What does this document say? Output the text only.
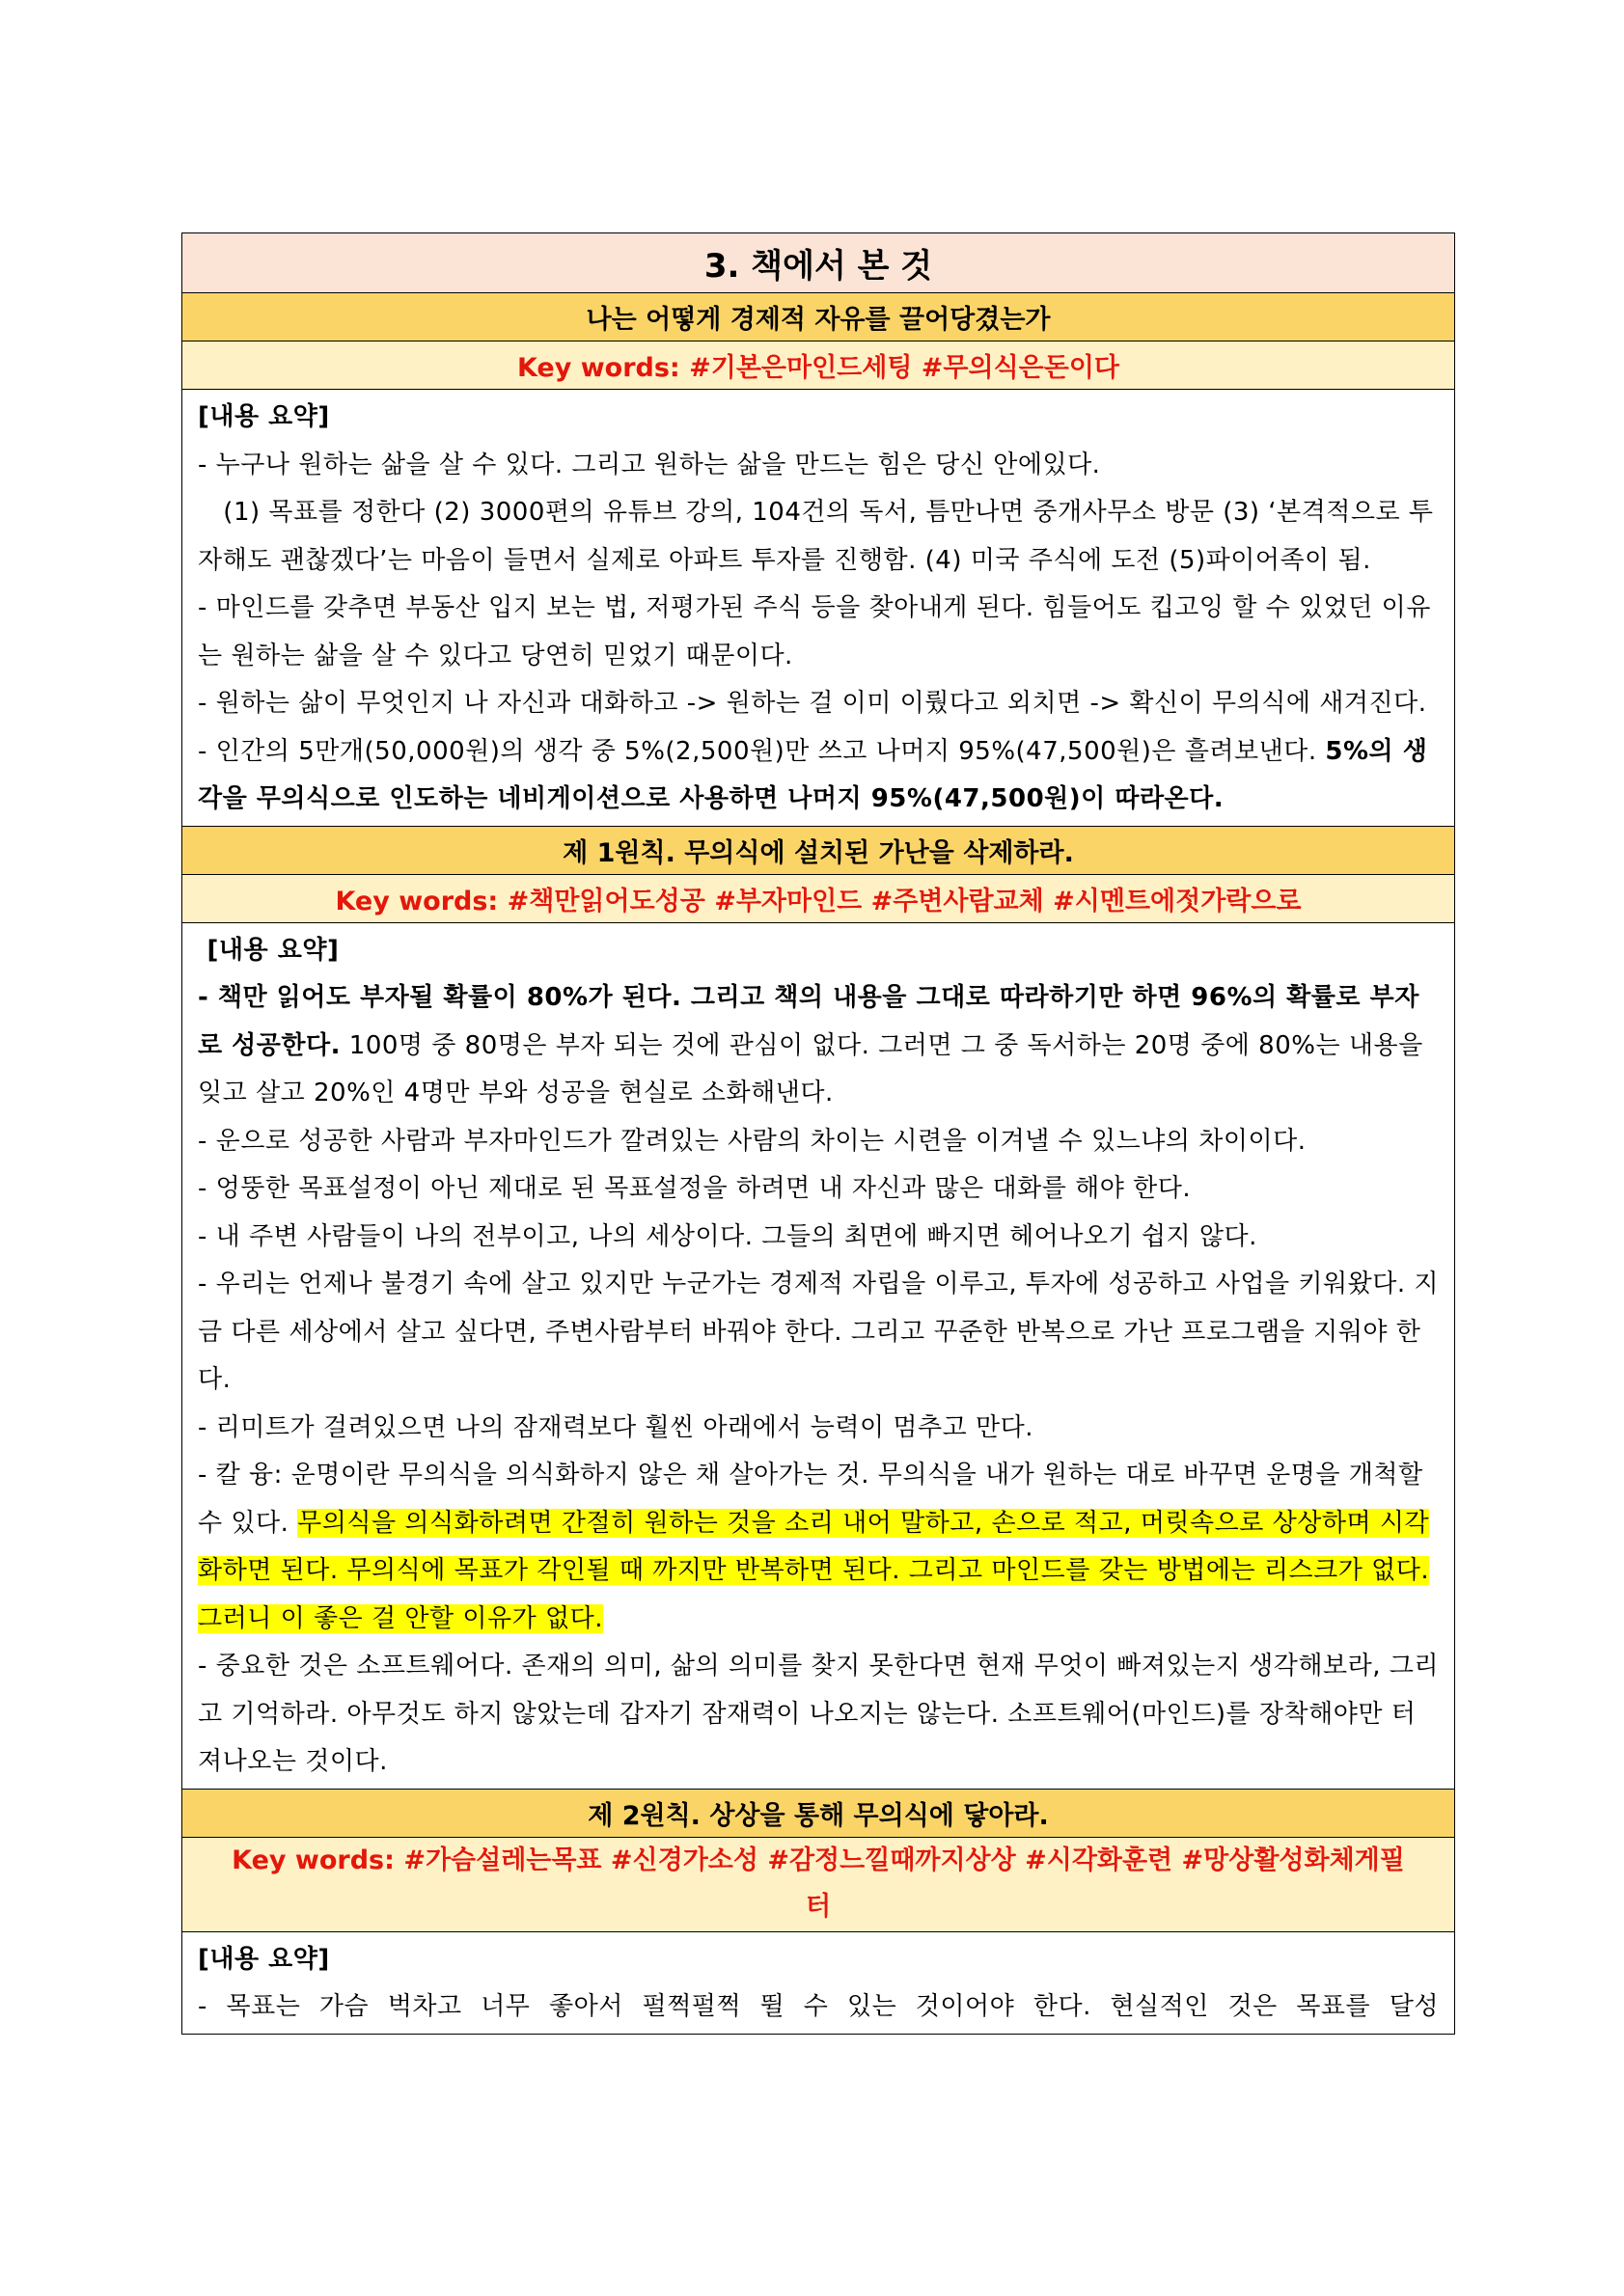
3. 책에서 본 것
나는 어떻게 경제적 자유를 끌어당겼는가
Key words: #기본은마인드세팅 #무의식은돈이다

[내용 요약]

- 누구나 원하는 삶을 살 수 있다. 그리고 원하는 삶을 만드는 힘은 당신 안에있다.

(1) 목표를 정한다 (2) 3000편의 유튜브 강의, 104건의 독서, 틈만나면 중개사무소 방문 (3) ‘본격적으로 투자해도 괜찮겠다’는 마음이 들면서 실제로 아파트 투자를 진행함. (4) 미국 주식에 도전 (5)파이어족이 됨.

- 마인드를 갖추면 부동산 입지 보는 법, 저평가된 주식 등을 찾아내게 된다. 힘들어도 킵고잉 할 수 있었던 이유는 원하는 삶을 살 수 있다고 당연히 믿었기 때문이다.

- 원하는 삶이 무엇인지 나 자신과 대화하고 -> 원하는 걸 이미 이뤘다고 외치면 -> 확신이 무의식에 새겨진다.

- 인간의 5만개(50,000원)의 생각 중 5%(2,500원)만 쓰고 나머지 95%(47,500원)은 흘려보낸다. 5%의 생각을 무의식으로 인도하는 네비게이션으로 사용하면 나머지 95%(47,500원)이 따라온다.

제 1원칙. 무의식에 설치된 가난을 삭제하라.
Key words: #책만읽어도성공 #부자마인드 #주변사람교체 #시멘트에젓가락으로

[내용 요약]

- 책만 읽어도 부자될 확률이 80%가 된다. 그리고 책의 내용을 그대로 따라하기만 하면 96%의 확률로 부자로 성공한다. 100명 중 80명은 부자 되는 것에 관심이 없다. 그러면 그 중 독서하는 20명 중에 80%는 내용을 잊고 살고 20%인 4명만 부와 성공을 현실로 소화해낸다.

- 운으로 성공한 사람과 부자마인드가 깔려있는 사람의 차이는 시련을 이겨낼 수 있느냐의 차이이다.

- 엉뚱한 목표설정이 아닌 제대로 된 목표설정을 하려면 내 자신과 많은 대화를 해야 한다.

- 내 주변 사람들이 나의 전부이고, 나의 세상이다. 그들의 최면에 빠지면 헤어나오기 쉽지 않다.

- 우리는 언제나 불경기 속에 살고 있지만 누군가는 경제적 자립을 이루고, 투자에 성공하고 사업을 키워왔다. 지금 다른 세상에서 살고 싶다면, 주변사람부터 바꿔야 한다. 그리고 꾸준한 반복으로 가난 프로그램을 지워야 한다.

- 리미트가 걸려있으면 나의 잠재력보다 훨씬 아래에서 능력이 멈추고 만다.

- 칼 융: 운명이란 무의식을 의식화하지 않은 채 살아가는 것. 무의식을 내가 원하는 대로 바꾸면 운명을 개척할 수 있다. 무의식을 의식화하려면 간절히 원하는 것을 소리 내어 말하고, 손으로 적고, 머릿속으로 상상하며 시각화하면 된다. 무의식에 목표가 각인될 때 까지만 반복하면 된다. 그리고 마인드를 갖는 방법에는 리스크가 없다. 그러니 이 좋은 걸 안할 이유가 없다.

- 중요한 것은 소프트웨어다. 존재의 의미, 삶의 의미를 찾지 못한다면 현재 무엇이 빠져있는지 생각해보라, 그리고 기억하라. 아무것도 하지 않았는데 갑자기 잠재력이 나오지는 않는다. 소프트웨어(마인드)를 장착해야만 터져나오는 것이다.

제 2원칙. 상상을 통해 무의식에 닿아라.
Key words: #가슴설레는목표 #신경가소성 #감정느낄때까지상상 #시각화훈련 #망상활성화체게필
터

[내용 요약]

- 목표는 가슴 벅차고 너무 좋아서 펄쩍펄쩍 뛸 수 있는 것이어야 한다. 현실적인 것은 목표를 달성
